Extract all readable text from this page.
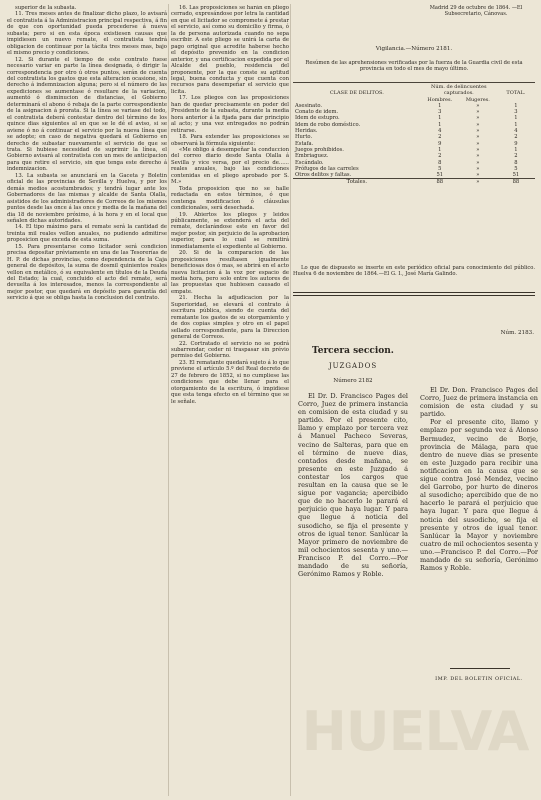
superior de la subasta.

11. Tres meses antes de finalizar dicho plazo, lo avisará el contratista á la Administracion principal respectiva, á fin de que con oportunidad pueda procederse á nueva subasta; pero si en esta época existiesen causas que impidiesen un nuevo remate, el contratista tendrá obligacion de continuar por la tácita tres meses mas, bajo el mismo precio y condiciones.

12. Si durante el tiempo de este contrato fuese necesario variar en parte la línea designada, ó dirigir la correspondencia por otro ú otros puntos, serán de cuenta del contratista los gastos que esta alteracion ocasione, sin derecho á indemnizacion alguna; pero si el número de las expediciones se aumentase ó resultare de la variacion, aumentó ó disminucion de distancias, el Gobierno determinará el abono ó rebaja de la parte correspondiente de la asignacion á prorata. Si la línea se variase del todo, el contratista deberá contestar dentro del término de los quince dias siguientes al en que se le dé el aviso, si se aviene ó no á continuar el servicio por la nueva línea que se adopte; en caso de negativa quedará el Gobierno en derecho de subastar nuevamente el servicio de que se trata. Si hubiese necesidad de suprimir la línea, el Gobierno avisará al contratista con un mes de anticipacion para que retire el servicio, sin que tenga este derecho á indemnizacion.

13. La subasta se anunciará en la Gaceta y Boletin oficial de las provincias de Sevilla y Huelva, y por los demás medios acostumbrados; y tendrá lugar ante los Gobernadores de las mismas y alcalde de Santa Olalla, asistidos de los administradores de Correos de los mismos puntos desde las once á las once y media de la mañana del dia 18 de noviembre próximo, á la hora y en el local que señalen dichas autoridades.

14. El tipo máximo para el remate será la cantidad de treinta mil reales vellon anuales, no pudiendo admitirse proposicion que exceda de esta suma.

15. Para presentarse como licitador será condicion precisa depositar préviamente en una de las Tesorerías de H. P. de dichas provincias, como dependencia de la Caja general de depósitos, la suma de dosmil quinientos reales vellon en metálico, ó su equivalente en títulos de la Deuda del Estado; la cual, concluido el acto del remate, será devuelta á los interesados, menos la correspondiente al mejor postor, que quedará en depósito para garantía del servicio á que se obliga hasta la conclusion del contrato.

16. Las proposiciones se harán en pliego cerrado, expresándose por letra la cantidad en que el licitador se compromete á prestar el servicio, así como su domicilio y firma, ó la de persona autorizada cuando no sepa escribir. A este pliego se unirá la carta de pago original que acredite haberse hecho el depósito prevenido en la condicion anterior, y una certificacion expedida por el Alcalde del pueblo, residencia del proponente, por la que conste su aptitud legal, buena conducta y que cuenta con recursos para desempeñar el servicio que licita.

17. Los pliegos con las proposiciones han de quedar precisamente en poder del Presidente de la subasta, durante la media hora anterior á la fijada para dar principio al acto; y una vez entregados no podrán retirarse.

18. Para extender las proposiciones se observará la fórmula siguiente:

«Me obligo á desempeñar la conduccion del correo diario desde Santa Olalla á Sevilla y vice versa, por el precio de...... reales anuales, bajo las condiciones contenidas en el pliego aprobado por S. M.»

Toda proposicion que no se halle redactada en estos términos, ó que contenga modificacion ó cláusulas condicionales, será desechada.

19. Abiertos los pliegos y leidos públicamente, se extenderá el acta del remate, declarándose este en favor del mejor postor, sin perjuicio de la aprobacion superior, para lo cual se remitirá inmediatamente el expediente al Gobierno.

20. Si de la comparacion de las proposiciones resultasen igualmente beneficiosas dos ó mas, se abrirá en el acto nueva licitacion á la voz por espacio de media hora, pero solo entre los autores de las propuestas que hubiesen causado el empate.

21. Hecha la adjudicacion por la Superioridad, se elevará el contrato á escritura pública, siendo de cuenta del rematante los gastos de su otorgamiento y de dos copias simples y otro en el papel sellado correspondiente, para la Direccion general de Correos.

22. Cortratado el servicio no se podrá subarrendar, ceder ni traspasar sin prévio permiso del Gobierno.

23. El rematante quedará sujeto á lo que previene el artículo 5.º del Real decreto de 27 de febrero de 1852, si no cumpliese las condiciones que debe llenar para el otorgamiento de la escritura, ó impidiese que esta tenga efecto en el término que se le señale.

Madrid 29 de octubre de 1864. —El Subsecretario, Cánovas.
Vigilancia.—Número 2181.
Resúmen de las aprehensiones verificadas por la fuerza de la Guardia civil de esta provincia en todo el mes de mayo último.
CLASE DE DELITOS.	Núm. de delincuentes capturados.		TOTAL.
	Hombres.	Mugeres.	
Asesinato.	1	»	1
Conato de idem.	3	»	3
Idem de estupro.	1	»	1
Idem de robo doméstico.	1	»	1
Heridas.	4	»	4
Hurto.	2	»	2
Estafa.	9	»	9
Juegos prohibidos.	1	»	1
Embriaguez.	2	»	2
Escándalo.	8	»	8
Prófugos de las carreles	5	»	5
Otros delitos y faltas.	51	»	51
Totales.	88	»	88

Lo que de dispuesto se inserte en este periódico oficial para conocimiento del público. Huelva 6 de noviembre de 1864.—El G. I., José María Galindo.

Tercera seccion.
JUZGADOS
Número 2182

El Dr. D. Francisco Pages del Corro, Juez de primera instancia en comision de esta ciudad y su partido. Por el presente cito, llamo y emplazo por tercera vez á Manuel Pacheco Severas, vecino de Salteras, para que en el término de nueve dias, contados desde mañana, se presente en este Juzgado á contestar los cargos que resultan en la causa que se le sigue por vagancia; apercibido que de no hacerlo le parará el perjuicio que haya lugar. Y para que llegue á noticia del susodicho, se fija el presente y otros de igual tenor. Sanlúcar la Mayor primero de noviembre de mil ochocientos sesenta y uno.—Francisco P. del Corro.—Por mandado de su señoría, Gerónimo Ramos y Roble.

Núm. 2183.

El Dr. Don. Francisco Pages del Corro, Juez de primera instancia en comision de esta ciudad y su partido.

Por el presente cito, llamo y emplazo por segunda vez á Alonso Bermudez, vecino de Borje, provincia de Málaga, para que dentro de nueve dias se presente en este Juzgado para recibir una notificacion en la causa que se sigue contra José Mendez, vecino del Garrobo, por hurto de dineros al susodicho; apercibido que de no hacerlo le parará el perjuicio que haya lugar. Y para que llegue á noticia del susodicho, se fija el presente y otros de igual tenor. Sanlúcar la Mayor y noviembre cuatro de mil ochocientos sesenta y uno.—Francisco P. del Corro.—Por mandado de su señoría, Gerónimo Ramos y Roble.

IMP. DEL BOLETIN OFICIAL.
HUELVA
